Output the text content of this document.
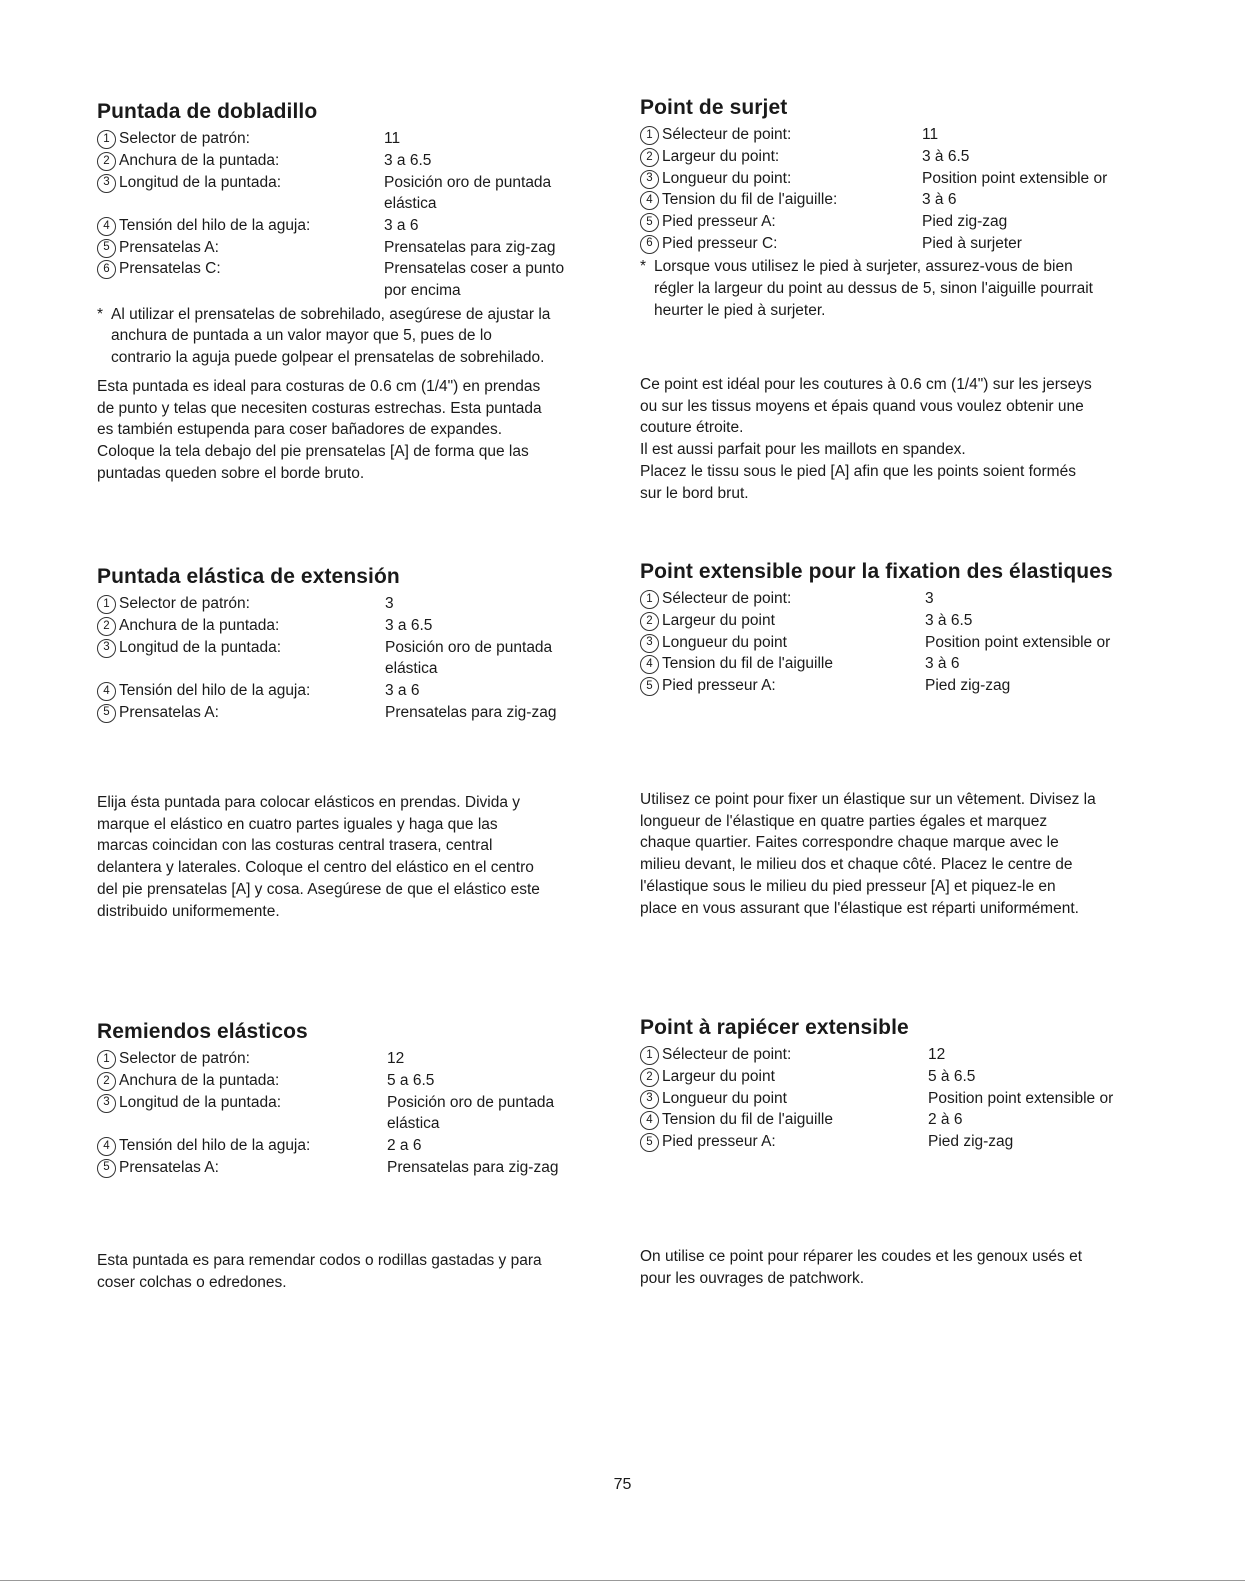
Puntada de dobladillo
1 Selector de patrón:	11
2 Anchura de la puntada:	3 a 6.5
3 Longitud de la puntada:	Posición oro de puntada
elástica
4 Tensión del hilo de la aguja:	3 a 6
5 Prensatelas A:	Prensatelas para zig-zag
6 Prensatelas C:	Prensatelas coser a punto
por encima
* Al utilizar el prensatelas de sobrehilado, asegúrese de ajustar la
anchura de puntada a un valor mayor que 5, pues de lo
contrario la aguja puede golpear el prensatelas de sobrehilado.
Esta puntada es ideal para costuras de 0.6 cm (1/4") en prendas
de punto y telas que necesiten costuras estrechas. Esta puntada
es también estupenda para coser bañadores de expandes.
Coloque la tela debajo del pie prensatelas [A] de forma que las
puntadas queden sobre el borde bruto.
Puntada elástica de extensión
1 Selector de patrón:	3
2 Anchura de la puntada:	3 a 6.5
3 Longitud de la puntada:	Posición oro de puntada
elástica
4 Tensión del hilo de la aguja:	3 a 6
5 Prensatelas A:	Prensatelas para zig-zag
Elija ésta puntada para colocar elásticos en prendas. Divida y
marque el elástico en cuatro partes iguales y haga que las
marcas coincidan con las costuras central trasera, central
delantera y laterales. Coloque el centro del elástico en el centro
del pie prensatelas [A] y cosa. Asegúrese de que el elástico este
distribuido uniformemente.
Remiendos elásticos
1 Selector de patrón:	12
2 Anchura de la puntada:	5 a 6.5
3 Longitud de la puntada:	Posición oro de puntada
elástica
4 Tensión del hilo de la aguja:	2 a 6
5 Prensatelas A:	Prensatelas para zig-zag
Esta puntada es para remendar codos o rodillas gastadas y para
coser colchas o edredones.
Point de surjet
1 Sélecteur de point:	11
2 Largeur du point:	3 à 6.5
3 Longueur du point:	Position point extensible or
4 Tension du fil de l'aiguille:	3 à 6
5 Pied presseur A:	Pied zig-zag
6 Pied presseur C:	Pied à surjeter
* Lorsque vous utilisez le pied à surjeter, assurez-vous de bien
régler la largeur du point au dessus de 5, sinon l'aiguille pourrait
heurter le pied à surjeter.
Ce point est idéal pour les coutures à 0.6 cm (1/4") sur les jerseys
ou sur les tissus moyens et épais quand vous voulez obtenir une
couture étroite.
Il est aussi parfait pour les maillots en spandex.
Placez le tissu sous le pied [A] afin que les points soient formés
sur le bord brut.
Point extensible pour la fixation des élastiques
1 Sélecteur de point:	3
2 Largeur du point	3 à 6.5
3 Longueur du point	Position point extensible or
4 Tension du fil de l'aiguille	3 à 6
5 Pied presseur A:	Pied zig-zag
Utilisez ce point pour fixer un élastique sur un vêtement. Divisez la
longueur de l'élastique en quatre parties égales et marquez
chaque quartier. Faites correspondre chaque marque avec le
milieu devant, le milieu dos et chaque côté. Placez le centre de
l'élastique sous le milieu du pied presseur [A] et piquez-le en
place en vous assurant que l'élastique est réparti uniformément.
Point à rapiécer extensible
1 Sélecteur de point:	12
2 Largeur du point	5 à 6.5
3 Longueur du point	Position point extensible or
4 Tension du fil de l'aiguille	2 à 6
5 Pied presseur A:	Pied zig-zag
On utilise ce point pour réparer les coudes et les genoux usés et
pour les ouvrages de patchwork.
75
